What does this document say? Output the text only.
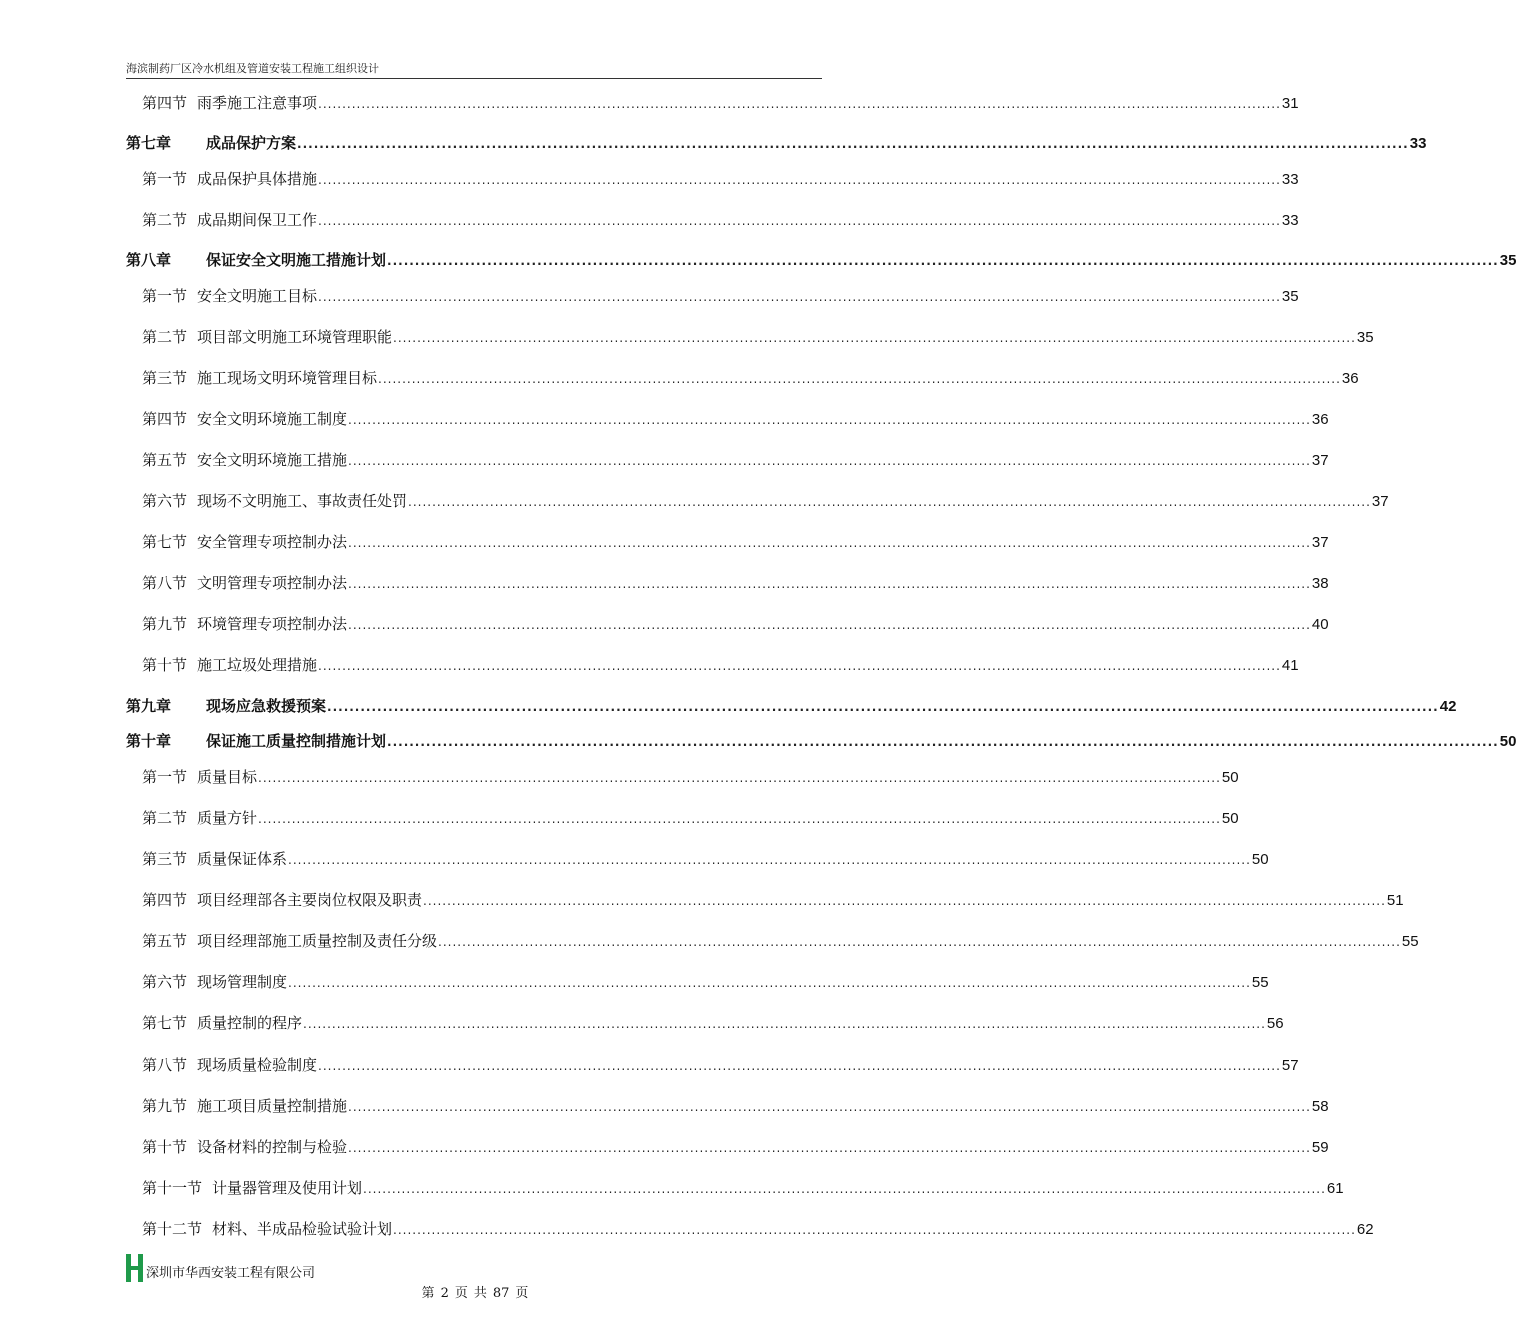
海滨制药厂区冷水机组及管道安装工程施工组织设计
第四节 雨季施工注意事项 ........................................................................................................................................................................................................ 31
第七章 成品保护方案 ........................................................................................................................................................................................................ 33
第一节 成品保护具体措施 ........................................................................................................................................................................................................ 33
第二节 成品期间保卫工作 ........................................................................................................................................................................................................ 33
第八章 保证安全文明施工措施计划 ........................................................................................................................................................................................................ 35
第一节 安全文明施工目标 ........................................................................................................................................................................................................ 35
第二节 项目部文明施工环境管理职能 ........................................................................................................................................................................................................ 35
第三节 施工现场文明环境管理目标 ........................................................................................................................................................................................................ 36
第四节 安全文明环境施工制度 ........................................................................................................................................................................................................ 36
第五节 安全文明环境施工措施 ........................................................................................................................................................................................................ 37
第六节 现场不文明施工、事故责任处罚 ........................................................................................................................................................................................................ 37
第七节 安全管理专项控制办法 ........................................................................................................................................................................................................ 37
第八节 文明管理专项控制办法 ........................................................................................................................................................................................................ 38
第九节 环境管理专项控制办法 ........................................................................................................................................................................................................ 40
第十节 施工垃圾处理措施 ........................................................................................................................................................................................................ 41
第九章 现场应急救援预案 ........................................................................................................................................................................................................ 42
第十章 保证施工质量控制措施计划 ........................................................................................................................................................................................................ 50
第一节 质量目标 ........................................................................................................................................................................................................ 50
第二节 质量方针 ........................................................................................................................................................................................................ 50
第三节 质量保证体系 ........................................................................................................................................................................................................ 50
第四节 项目经理部各主要岗位权限及职责 ........................................................................................................................................................................................................ 51
第五节 项目经理部施工质量控制及责任分级 ........................................................................................................................................................................................................ 55
第六节 现场管理制度 ........................................................................................................................................................................................................ 55
第七节 质量控制的程序 ........................................................................................................................................................................................................ 56
第八节 现场质量检验制度 ........................................................................................................................................................................................................ 57
第九节 施工项目质量控制措施 ........................................................................................................................................................................................................ 58
第十节 设备材料的控制与检验 ........................................................................................................................................................................................................ 59
第十一节 计量器管理及使用计划 ........................................................................................................................................................................................................ 61
第十二节 材料、半成品检验试验计划 ........................................................................................................................................................................................................ 62
深圳市华西安装工程有限公司
第 2 页 共 87 页
